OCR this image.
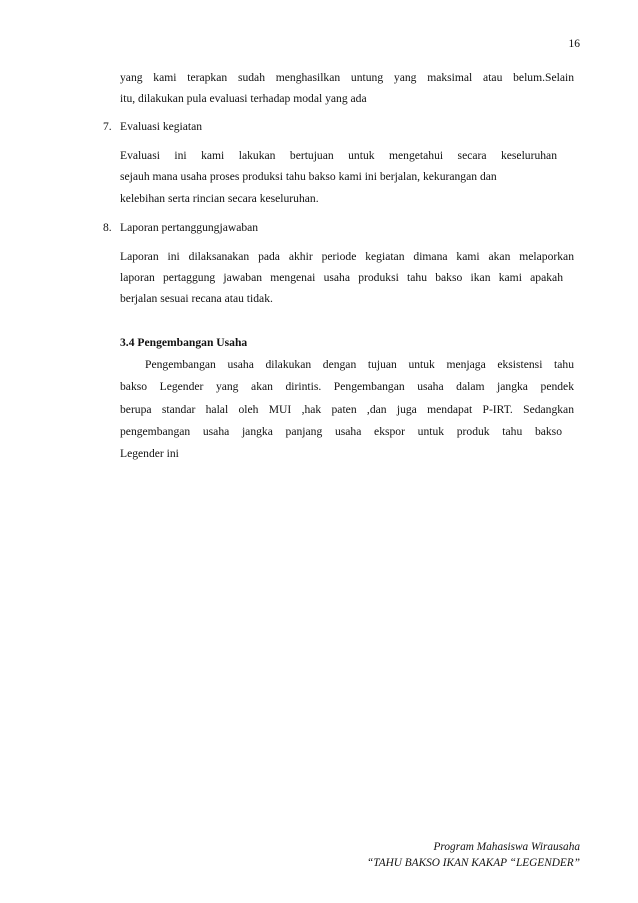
16
yang kami terapkan sudah menghasilkan untung yang maksimal atau belum.Selain
itu, dilakukan pula evaluasi terhadap modal yang ada
7. Evaluasi kegiatan
Evaluasi ini kami lakukan bertujuan untuk mengetahui secara keseluruhan
sejauh mana usaha proses produksi tahu bakso kami ini berjalan, kekurangan dan
kelebihan serta rincian secara keseluruhan.
8. Laporan pertanggungjawaban
Laporan ini dilaksanakan pada akhir periode kegiatan dimana kami akan melaporkan
laporan pertaggung jawaban mengenai usaha produksi tahu bakso ikan kami apakah
berjalan sesuai recana atau tidak.
3.4 Pengembangan Usaha
Pengembangan usaha dilakukan dengan tujuan untuk menjaga eksistensi tahu
bakso Legender yang akan dirintis. Pengembangan usaha dalam jangka pendek
berupa standar halal oleh MUI ,hak paten ,dan juga mendapat P-IRT. Sedangkan
pengembangan usaha jangka panjang usaha ekspor untuk produk tahu bakso
Legender ini
Program Mahasiswa Wirausaha
“TAHU BAKSO IKAN KAKAP “LEGENDER”
